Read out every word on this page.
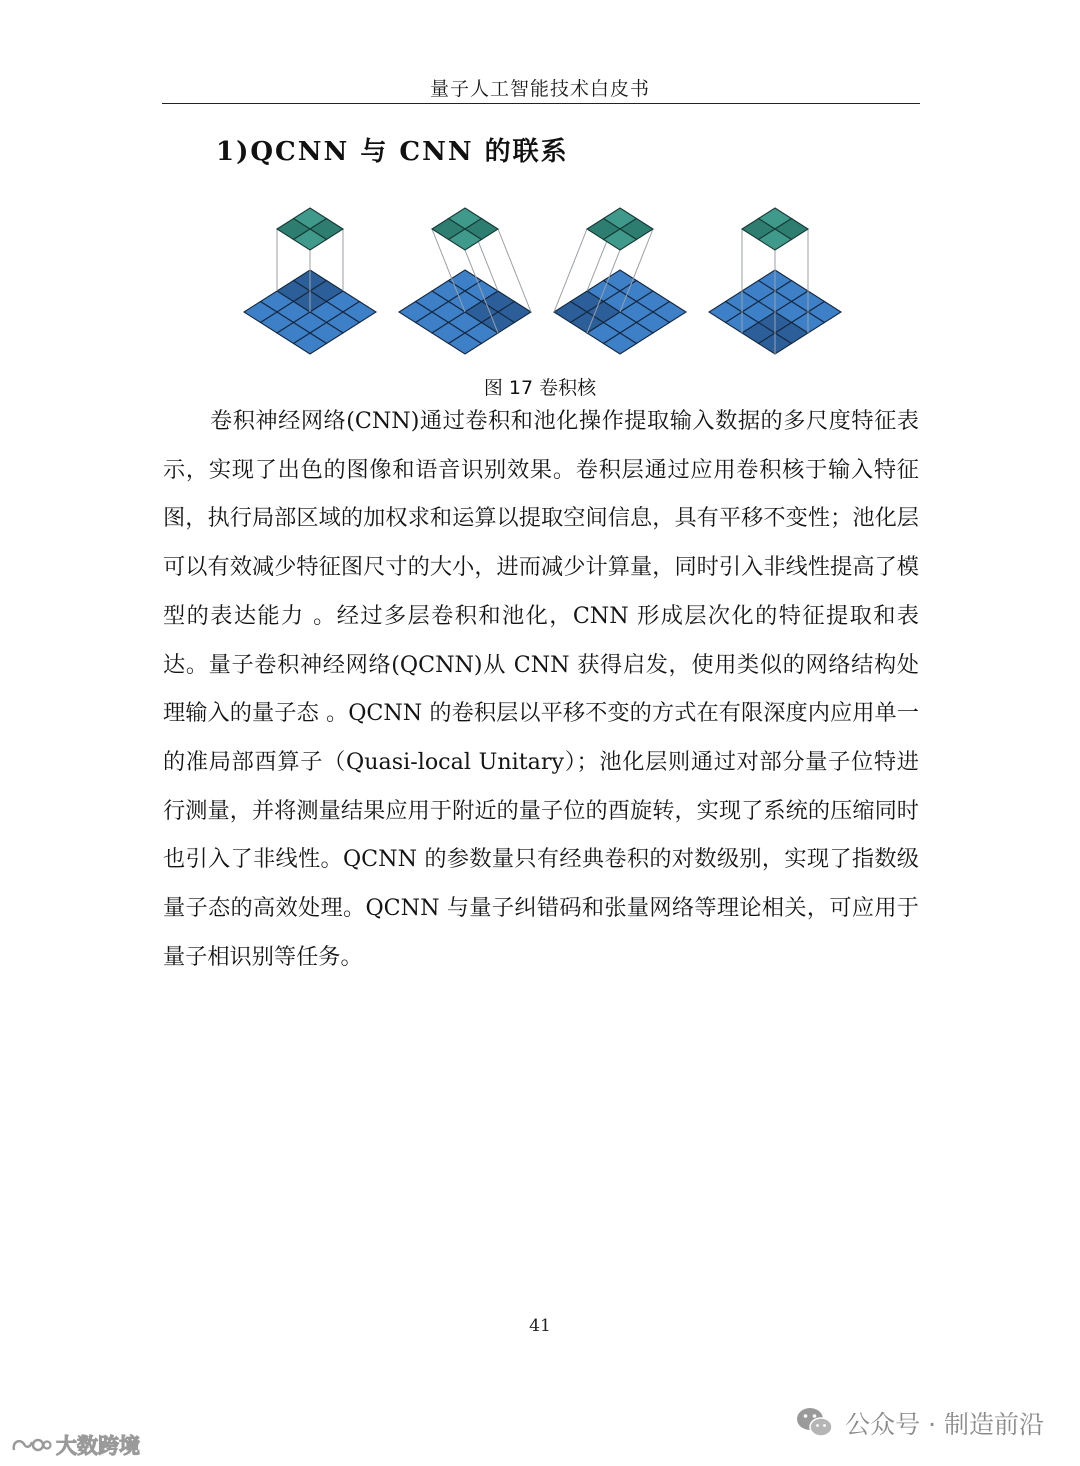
量子人工智能技术白皮书
1)QCNN 与 CNN 的联系
图 17 卷积核

卷积神经网络(CNN)通过卷积和池化操作提取输入数据的多尺度特征表示，实现了出色的图像和语音识别效果。卷积层通过应用卷积核于输入特征图，执行局部区域的加权求和运算以提取空间信息，具有平移不变性；池化层可以有效减少特征图尺寸的大小，进而减少计算量，同时引入非线性提高了模型的表达能力 。经过多层卷积和池化，CNN 形成层次化的特征提取和表达。量子卷积神经网络(QCNN)从 CNN 获得启发，使用类似的网络结构处理输入的量子态 。QCNN 的卷积层以平移不变的方式在有限深度内应用单一的准局部酉算子（Quasi-local Unitary）；池化层则通过对部分量子位特进行测量，并将测量结果应用于附近的量子位的酉旋转，实现了系统的压缩同时也引入了非线性。QCNN 的参数量只有经典卷积的对数级别，实现了指数级量子态的高效处理。QCNN 与量子纠错码和张量网络等理论相关，可应用于量子相识别等任务。

41
公众号 · 制造前沿
大数跨境
